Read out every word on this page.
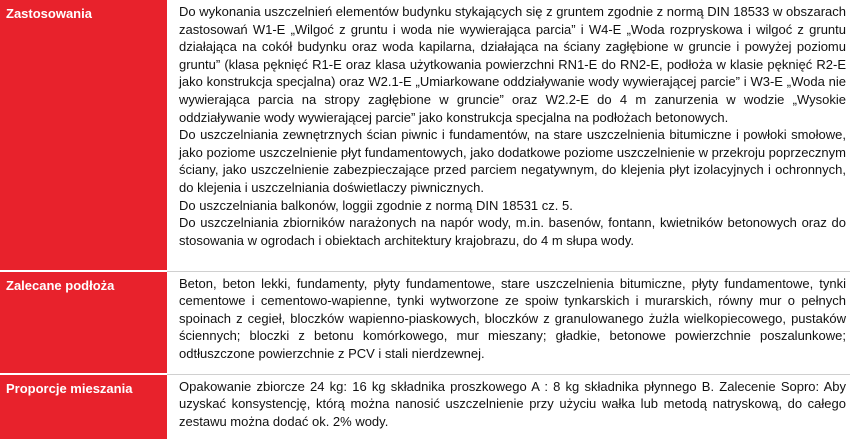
Zastosowania	Do wykonania uszczelnień elementów budynku stykających się z gruntem zgodnie z normą DIN 18533 w obszarach zastosowań W1-E „Wilgoć z gruntu i woda nie wywierająca parcia” i W4-E „Woda rozpryskowa i wilgoć z gruntu działająca na cokół budynku oraz woda kapilarna, działająca na ściany zagłębione w gruncie i powyżej poziomu gruntu” (klasa pęknięć R1-E oraz klasa użytkowania powierzchni RN1-E do RN2-E, podłoża w klasie pęknięć R2-E jako konstrukcja specjalna) oraz W2.1-E „Umiarkowane oddziaływanie wody wywierającej parcie” i W3-E „Woda nie wywierająca parcia na stropy zagłębione w gruncie” oraz W2.2-E do 4 m zanurzenia w wodzie „Wysokie oddziaływanie wody wywierającej parcie” jako konstrukcja specjalna na podłożach betonowych.

Do uszczelniania zewnętrznych ścian piwnic i fundamentów, na stare uszczelnienia bitumiczne i powłoki smołowe, jako poziome uszczelnienie płyt fundamentowych, jako dodatkowe poziome uszczelnienie w przekroju poprzecznym ściany, jako uszczelnienie zabezpieczające przed parciem negatywnym, do klejenia płyt izolacyjnych i ochronnych, do klejenia i uszczelniania doświetlaczy piwnicznych.

Do uszczelniania balkonów, loggii zgodnie z normą DIN 18531 cz. 5.

Do uszczelniania zbiorników narażonych na napór wody, m.in. basenów, fontann, kwietników betonowych oraz do stosowania w ogrodach i obiektach architektury krajobrazu, do 4 m słupa wody.

Zalecane podłoża	Beton, beton lekki, fundamenty, płyty fundamentowe, stare uszczelnienia bitumiczne, płyty fundamentowe, tynki cementowe i cementowo-wapienne, tynki wytworzone ze spoiw tynkarskich i murarskich, równy mur o pełnych spoinach z cegieł, bloczków wapienno-piaskowych, bloczków z granulowanego żużla wielkopiecowego, pustaków ściennych; bloczki z betonu komórkowego, mur mieszany; gładkie, betonowe powierzchnie poszalunkowe; odtłuszczone powierzchnie z PCV i stali nierdzewnej.

Proporcje mieszania	Opakowanie zbiorcze 24 kg: 16 kg składnika proszkowego A : 8 kg składnika płynnego B. Zalecenie Sopro: Aby uzyskać konsystencję, którą można nanosić uszczelnienie przy użyciu wałka lub metodą natryskową, do całego zestawu można dodać ok. 2% wody.
